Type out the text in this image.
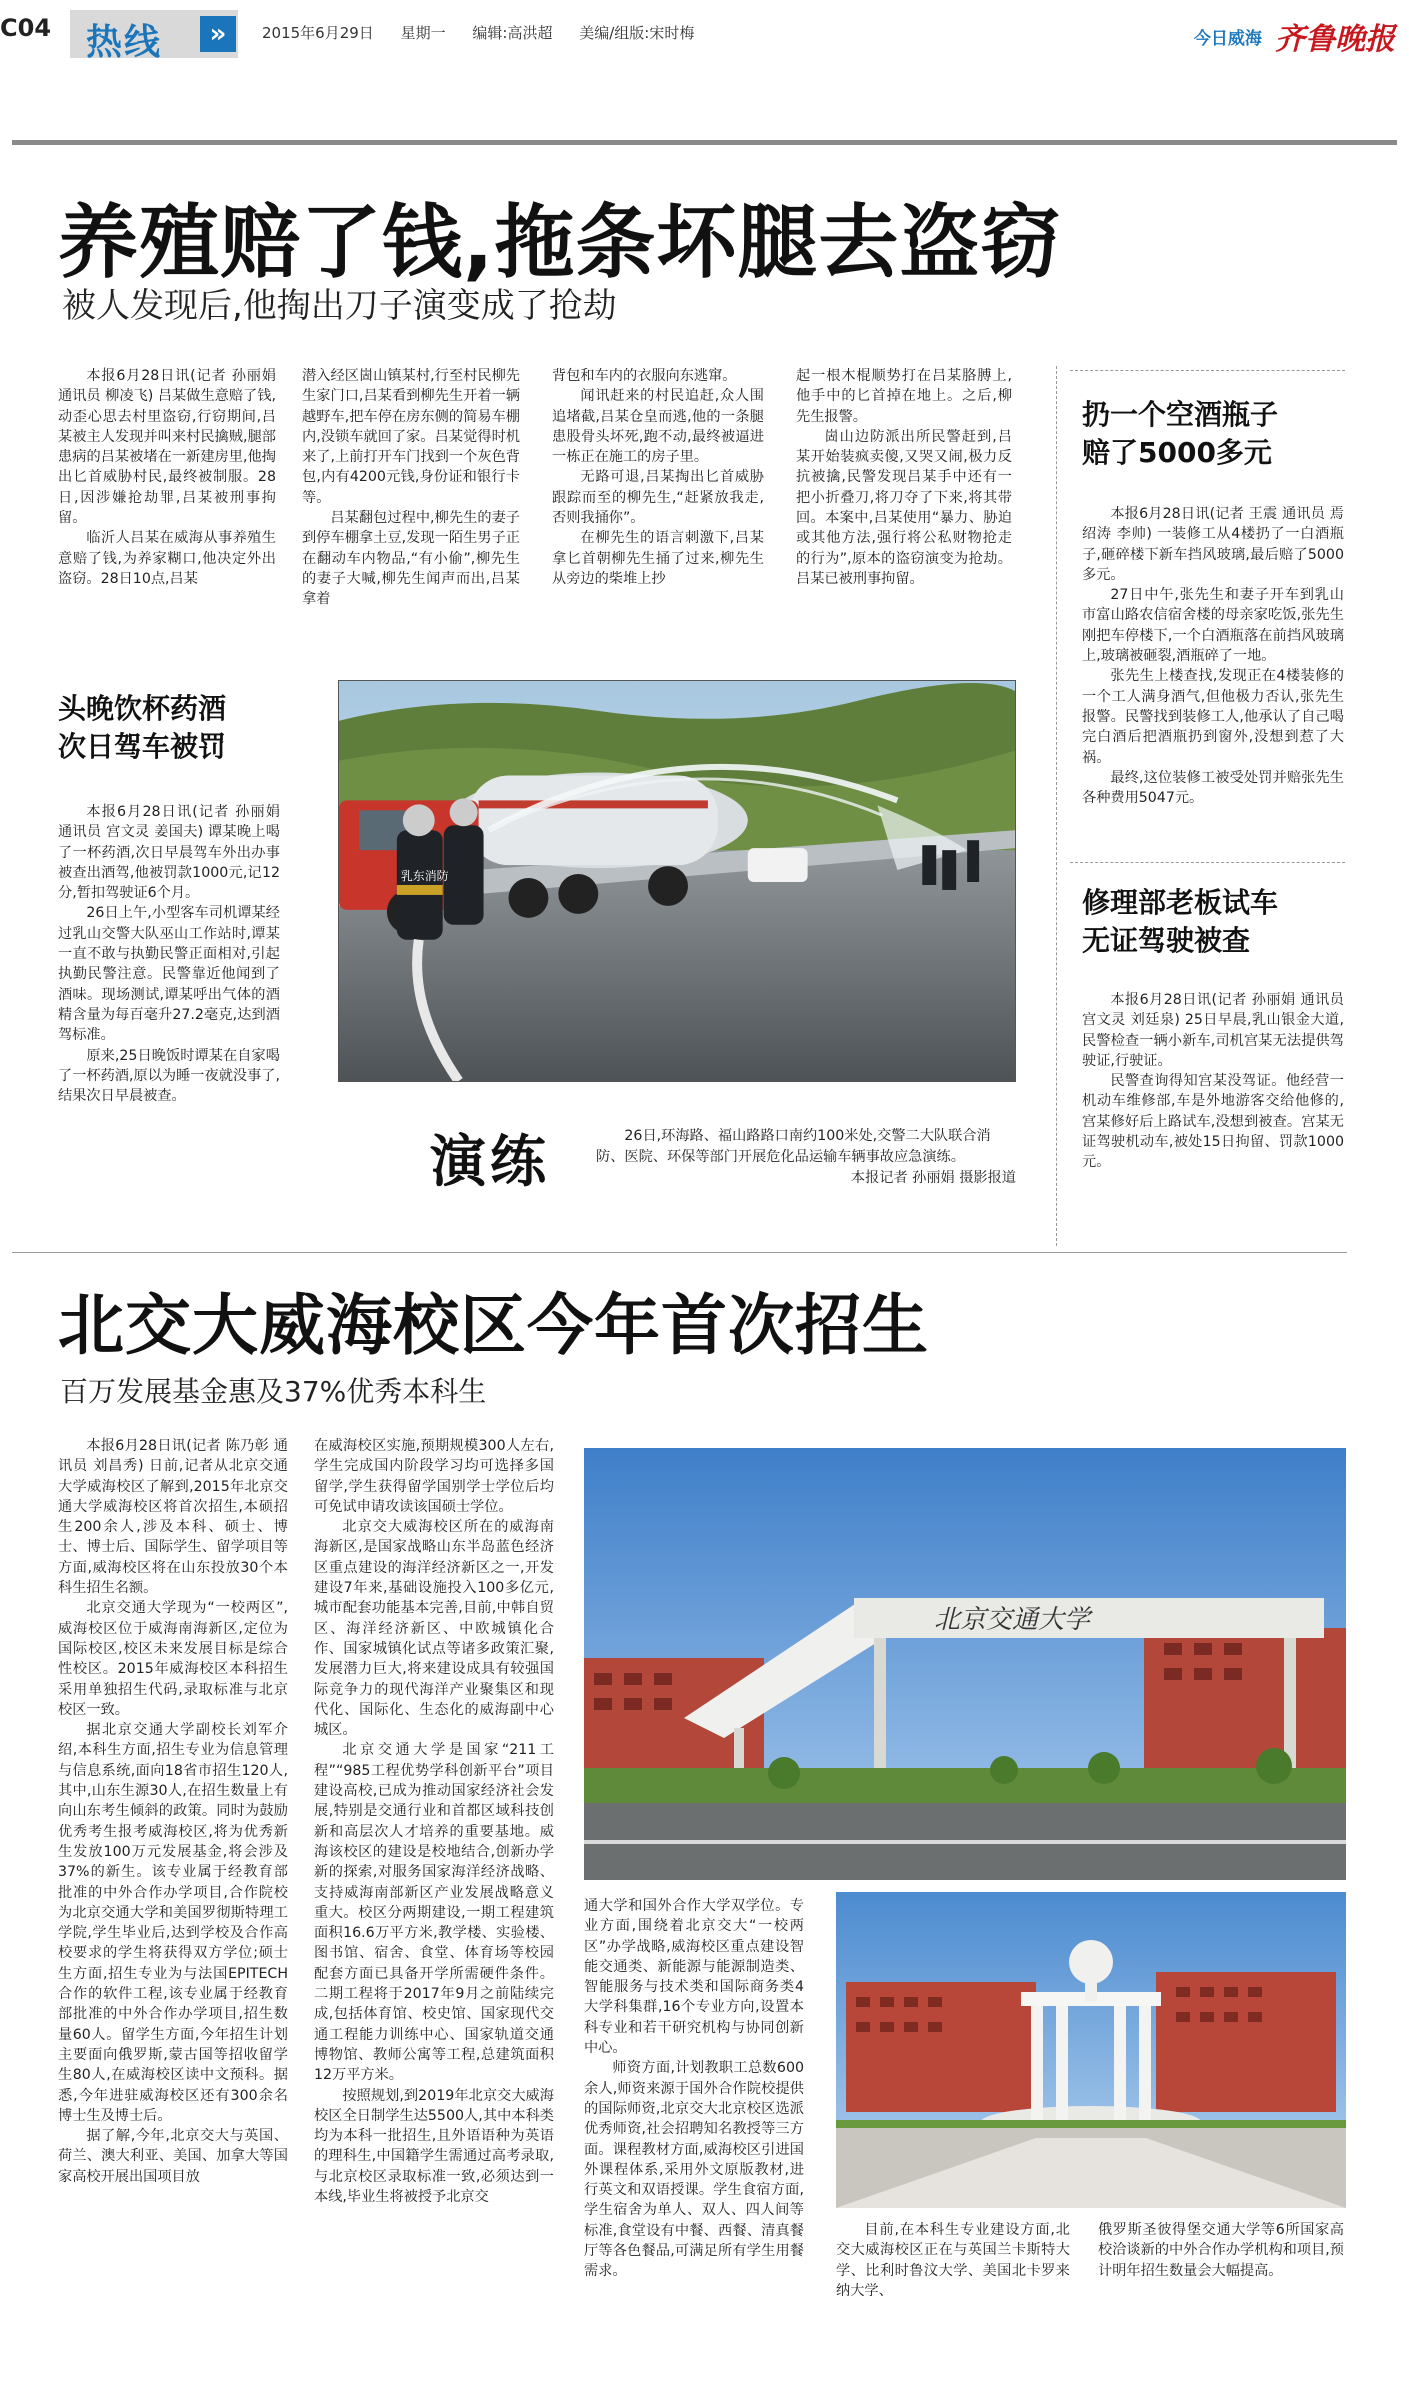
C04 热线	»	2015年6月29日 星期一 编辑:高洪超 美编/组版:宋时梅	今日威海 齐鲁晚报
养殖赔了钱,拖条坏腿去盗窃
被人发现后,他掏出刀子演变成了抢劫

本报6月28日讯(记者 孙丽娟 通讯员 柳凌飞) 吕某做生意赔了钱,动歪心思去村里盗窃,行窃期间,吕某被主人发现并叫来村民擒贼,腿部患病的吕某被堵在一新建房里,他掏出匕首威胁村民,最终被制服。28日,因涉嫌抢劫罪,吕某被刑事拘留。

临沂人吕某在威海从事养殖生意赔了钱,为养家糊口,他决定外出盗窃。28日10点,吕某

潜入经区崮山镇某村,行至村民柳先生家门口,吕某看到柳先生开着一辆越野车,把车停在房东侧的简易车棚内,没锁车就回了家。吕某觉得时机来了,上前打开车门找到一个灰色背包,内有4200元钱,身份证和银行卡等。

吕某翻包过程中,柳先生的妻子到停车棚拿土豆,发现一陌生男子正在翻动车内物品,“有小偷”,柳先生的妻子大喊,柳先生闻声而出,吕某拿着

背包和车内的衣服向东逃窜。

闻讯赶来的村民追赶,众人围追堵截,吕某仓皇而逃,他的一条腿患股骨头坏死,跑不动,最终被逼进一栋正在施工的房子里。

无路可退,吕某掏出匕首威胁跟踪而至的柳先生,“赶紧放我走,否则我捅你”。

在柳先生的语言刺激下,吕某拿匕首朝柳先生捅了过来,柳先生从旁边的柴堆上抄

起一根木棍顺势打在吕某胳膊上,他手中的匕首掉在地上。之后,柳先生报警。

崮山边防派出所民警赶到,吕某开始装疯卖傻,又哭又闹,极力反抗被擒,民警发现吕某手中还有一把小折叠刀,将刀夺了下来,将其带回。本案中,吕某使用“暴力、胁迫或其他方法,强行将公私财物抢走的行为”,原本的盗窃演变为抢劫。吕某已被刑事拘留。

头晚饮杯药酒
次日驾车被罚

本报6月28日讯(记者 孙丽娟 通讯员 宫文灵 姜国夫) 谭某晚上喝了一杯药酒,次日早晨驾车外出办事被查出酒驾,他被罚款1000元,记12分,暂扣驾驶证6个月。

26日上午,小型客车司机谭某经过乳山交警大队巫山工作站时,谭某一直不敢与执勤民警正面相对,引起执勤民警注意。民警靠近他闻到了酒味。现场测试,谭某呼出气体的酒精含量为每百毫升27.2毫克,达到酒驾标准。

原来,25日晚饭时谭某在自家喝了一杯药酒,原以为睡一夜就没事了,结果次日早晨被查。

乳东消防
演练	26日,环海路、福山路路口南约100米处,交警二大队联合消防、医院、环保等部门开展危化品运输车辆事故应急演练。
本报记者 孙丽娟 摄影报道
扔一个空酒瓶子
赔了5000多元

本报6月28日讯(记者 王震 通讯员 焉绍涛 李帅) 一装修工从4楼扔了一白酒瓶子,砸碎楼下新车挡风玻璃,最后赔了5000多元。

27日中午,张先生和妻子开车到乳山市富山路农信宿舍楼的母亲家吃饭,张先生刚把车停楼下,一个白酒瓶落在前挡风玻璃上,玻璃被砸裂,酒瓶碎了一地。

张先生上楼查找,发现正在4楼装修的一个工人满身酒气,但他极力否认,张先生报警。民警找到装修工人,他承认了自己喝完白酒后把酒瓶扔到窗外,没想到惹了大祸。

最终,这位装修工被受处罚并赔张先生各种费用5047元。

修理部老板试车
无证驾驶被查

本报6月28日讯(记者 孙丽娟 通讯员 宫文灵 刘廷泉) 25日早晨,乳山银金大道,民警检查一辆小新车,司机宫某无法提供驾驶证,行驶证。

民警查询得知宫某没驾证。他经营一机动车维修部,车是外地游客交给他修的,宫某修好后上路试车,没想到被查。宫某无证驾驶机动车,被处15日拘留、罚款1000元。

北交大威海校区今年首次招生
百万发展基金惠及37%优秀本科生

本报6月28日讯(记者 陈乃彰 通讯员 刘昌秀) 日前,记者从北京交通大学威海校区了解到,2015年北京交通大学威海校区将首次招生,本硕招生200余人,涉及本科、硕士、博士、博士后、国际学生、留学项目等方面,威海校区将在山东投放30个本科生招生名额。

北京交通大学现为“一校两区”,威海校区位于威海南海新区,定位为国际校区,校区未来发展目标是综合性校区。2015年威海校区本科招生采用单独招生代码,录取标准与北京校区一致。

据北京交通大学副校长刘军介绍,本科生方面,招生专业为信息管理与信息系统,面向18省市招生120人,其中,山东生源30人,在招生数量上有向山东考生倾斜的政策。同时为鼓励优秀考生报考威海校区,将为优秀新生发放100万元发展基金,将会涉及37%的新生。该专业属于经教育部批准的中外合作办学项目,合作院校为北京交通大学和美国罗彻斯特理工学院,学生毕业后,达到学校及合作高校要求的学生将获得双方学位;硕士生方面,招生专业为与法国EPITECH合作的软件工程,该专业属于经教育部批准的中外合作办学项目,招生数量60人。留学生方面,今年招生计划主要面向俄罗斯,蒙古国等招收留学生80人,在威海校区读中文预科。据悉,今年进驻威海校区还有300余名博士生及博士后。

据了解,今年,北京交大与英国、荷兰、澳大利亚、美国、加拿大等国家高校开展出国项目放

在威海校区实施,预期规模300人左右,学生完成国内阶段学习均可选择多国留学,学生获得留学国别学士学位后均可免试申请攻读该国硕士学位。

北京交大威海校区所在的威海南海新区,是国家战略山东半岛蓝色经济区重点建设的海洋经济新区之一,开发建设7年来,基础设施投入100多亿元,城市配套功能基本完善,目前,中韩自贸区、海洋经济新区、中欧城镇化合作、国家城镇化试点等诸多政策汇聚,发展潜力巨大,将来建设成具有较强国际竞争力的现代海洋产业聚集区和现代化、国际化、生态化的威海副中心城区。

北京交通大学是国家“211工程”“985工程优势学科创新平台”项目建设高校,已成为推动国家经济社会发展,特别是交通行业和首都区域科技创新和高层次人才培养的重要基地。威海该校区的建设是校地结合,创新办学新的探索,对服务国家海洋经济战略、支持威海南部新区产业发展战略意义重大。校区分两期建设,一期工程建筑面积16.6万平方米,教学楼、实验楼、图书馆、宿舍、食堂、体育场等校园配套方面已具备开学所需硬件条件。二期工程将于2017年9月之前陆续完成,包括体育馆、校史馆、国家现代交通工程能力训练中心、国家轨道交通博物馆、教师公寓等工程,总建筑面积12万平方米。

按照规划,到2019年北京交大威海校区全日制学生达5500人,其中本科类均为本科一批招生,且外语语种为英语的理科生,中国籍学生需通过高考录取,与北京校区录取标准一致,必须达到一本线,毕业生将被授予北京交

北京交通大学

通大学和国外合作大学双学位。专业方面,围绕着北京交大“一校两区”办学战略,威海校区重点建设智能交通类、新能源与能源制造类、智能服务与技术类和国际商务类4大学科集群,16个专业方向,设置本科专业和若干研究机构与协同创新中心。

师资方面,计划教职工总数600余人,师资来源于国外合作院校提供的国际师资,北京交大北京校区选派优秀师资,社会招聘知名教授等三方面。课程教材方面,威海校区引进国外课程体系,采用外文原版教材,进行英文和双语授课。学生食宿方面,学生宿舍为单人、双人、四人间等标准,食堂设有中餐、西餐、清真餐厅等各色餐品,可满足所有学生用餐需求。

目前,在本科生专业建设方面,北交大威海校区正在与英国兰卡斯特大学、比利时鲁汶大学、美国北卡罗来纳大学、

俄罗斯圣彼得堡交通大学等6所国家高校洽谈新的中外合作办学机构和项目,预计明年招生数量会大幅提高。
